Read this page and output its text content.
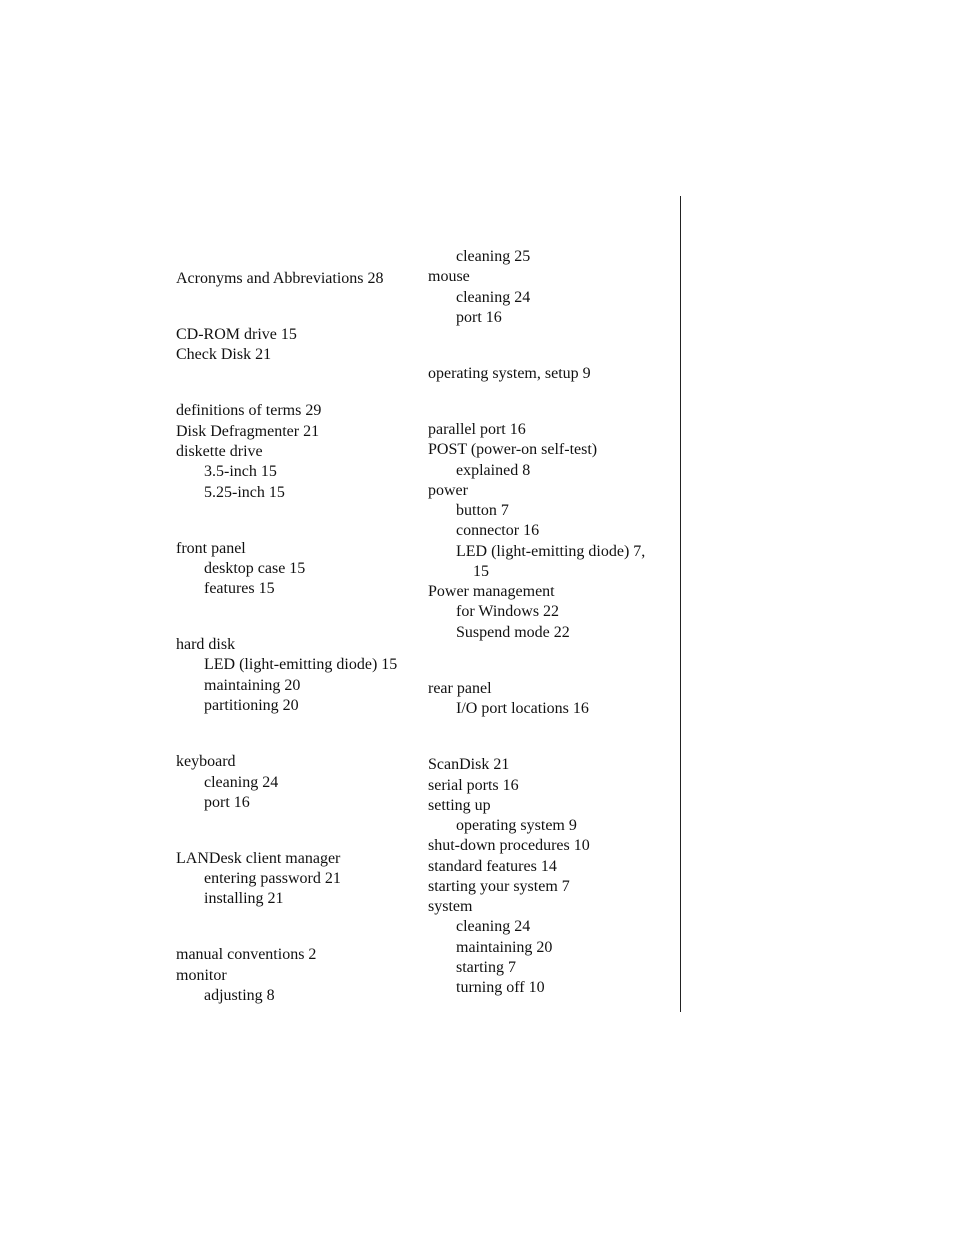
Acronyms and Abbreviations 28
CD-ROM drive 15
Check Disk 21
definitions of terms 29
Disk Defragmenter 21
diskette drive
3.5-inch 15
5.25-inch 15
front panel
desktop case 15
features 15
hard disk
LED (light-emitting diode) 15
maintaining 20
partitioning 20
keyboard
cleaning 24
port 16
LANDesk client manager
entering password 21
installing 21
manual conventions 2
monitor
adjusting 8
cleaning 25
mouse
cleaning 24
port 16
operating system, setup 9
parallel port 16
POST (power-on self-test)
explained 8
power
button 7
connector 16
LED (light-emitting diode) 7,
15
Power management
for Windows 22
Suspend mode 22
rear panel
I/O port locations 16
ScanDisk 21
serial ports 16
setting up
operating system 9
shut-down procedures 10
standard features 14
starting your system 7
system
cleaning 24
maintaining 20
starting 7
turning off 10
